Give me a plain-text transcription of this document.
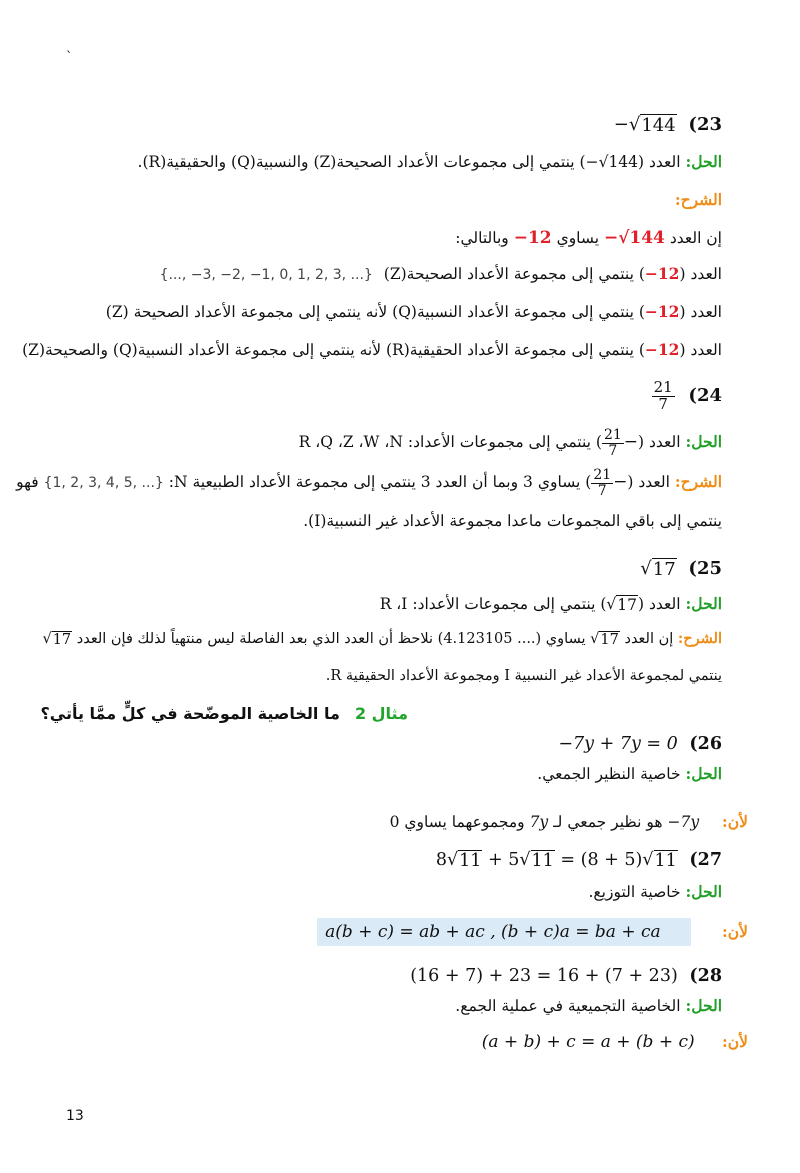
`
− √ 144 (23
الحل: العدد (−√144) ينتمي إلى مجموعات الأعداد الصحيحة(Z) والنسبية(Q) والحقيقية(R).
الشرح:
إن العدد −√144 يساوي −12 وبالتالي:
العدد (−12) ينتمي إلى مجموعة الأعداد الصحيحة(Z) {..., −3, −2, −1, 0, 1, 2, 3, ...}
العدد (−12) ينتمي إلى مجموعة الأعداد النسبية(Q) لأنه ينتمي إلى مجموعة الأعداد الصحيحة (Z)
العدد (−12) ينتمي إلى مجموعة الأعداد الحقيقية(R) لأنه ينتمي إلى مجموعة الأعداد النسبية(Q) والصحيحة(Z)
$\frac{21}{7} (24$
الحل: العدد (−
$\frac{21}{7}$
) ينتمي إلى مجموعات الأعداد: R ،Q ،Z ،W ،N
الشرح: العدد (−
$\frac{21}{7}$
) يساوي 3 وبما أن العدد 3 ينتمي إلى مجموعة الأعداد الطبيعية N: {1, 2, 3, 4, 5, ...} فهو
ينتمي إلى باقي المجموعات ماعدا مجموعة الأعداد غير النسبية(I).
√ 17 (25
الحل: العدد (
√ 17
) ينتمي إلى مجموعات الأعداد: R ،I
الشرح: إن العدد
√ 17
يساوي (.... 4.123105) نلاحظ أن العدد الذي بعد الفاصلة ليس منتهياً لذلك فإن العدد
√ 17
ينتمي لمجموعة الأعداد غير النسبية I ومجموعة الأعداد الحقيقية R.
مثال 2 ما الخاصية الموضّحة في كلٍّ ممَّا يأتي؟
−7y + 7y = 0 (26
الحل: خاصية النظير الجمعي.
لأن: −7y هو نظير جمعي لـ 7y ومجموعهما يساوي 0
8 √ 11 + 5 √ 11 = (8 + 5) √ 11 (27
الحل: خاصية التوزيع.
لأن: a(b + c) = ab + ac , (b + c)a = ba + ca
(16 + 7) + 23 = 16 + (7 + 23) (28
الحل: الخاصية التجميعية في عملية الجمع.
لأن: (a + b) + c = a + (b + c)
13
